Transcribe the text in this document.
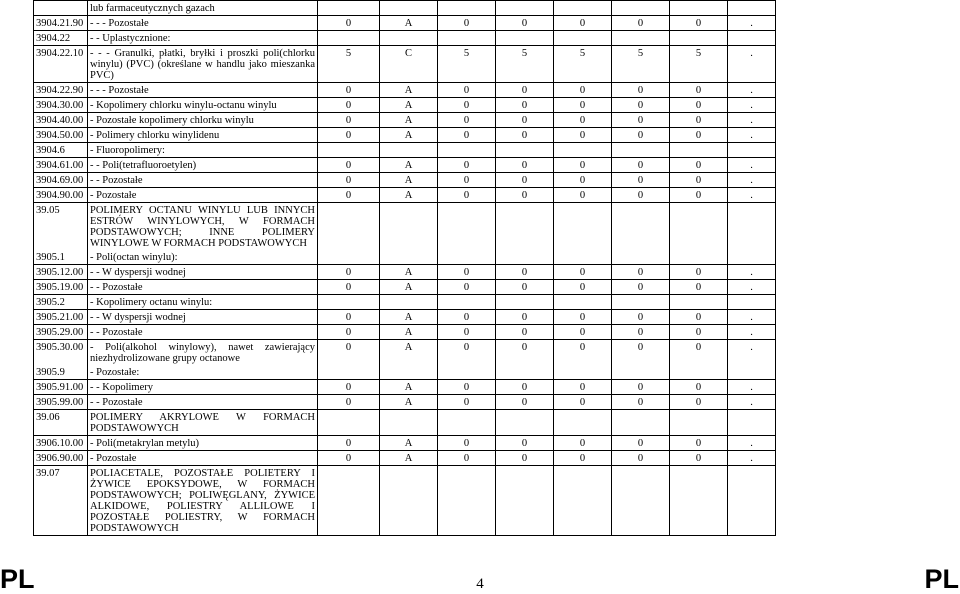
	lub farmaceutycznych gazach								
3904.21.90	- - - Pozostałe	0	A	0	0	0	0	0	.
3904.22	- - Uplastycznione:								
3904.22.10	- - - Granulki, płatki, bryłki i proszki poli(chlorku winylu) (PVC) (określane w handlu jako mieszanka PVC)	5	C	5	5	5	5	5	.
3904.22.90	- - - Pozostałe	0	A	0	0	0	0	0	.
3904.30.00	- Kopolimery chlorku winylu-octanu winylu	0	A	0	0	0	0	0	.
3904.40.00	- Pozostałe kopolimery chlorku winylu	0	A	0	0	0	0	0	.
3904.50.00	- Polimery chlorku winylidenu	0	A	0	0	0	0	0	.
3904.6	- Fluoropolimery:								
3904.61.00	- - Poli(tetrafluoroetylen)	0	A	0	0	0	0	0	.
3904.69.00	- - Pozostałe	0	A	0	0	0	0	0	.
3904.90.00	- Pozostałe	0	A	0	0	0	0	0	.
39.05	POLIMERY OCTANU WINYLU LUB INNYCH ESTRÓW WINYLOWYCH, W FORMACH PODSTAWOWYCH; INNE POLIMERY WINYLOWE W FORMACH PODSTAWOWYCH								
3905.1	- Poli(octan winylu):								
3905.12.00	- - W dyspersji wodnej	0	A	0	0	0	0	0	.
3905.19.00	- - Pozostałe	0	A	0	0	0	0	0	.
3905.2	- Kopolimery octanu winylu:								
3905.21.00	- - W dyspersji wodnej	0	A	0	0	0	0	0	.
3905.29.00	- - Pozostałe	0	A	0	0	0	0	0	.
3905.30.00	- Poli(alkohol winylowy), nawet zawierający niezhydrolizowane grupy octanowe	0	A	0	0	0	0	0	.
3905.9	- Pozostałe:								
3905.91.00	- - Kopolimery	0	A	0	0	0	0	0	.
3905.99.00	- - Pozostałe	0	A	0	0	0	0	0	.
39.06	POLIMERY AKRYLOWE W FORMACH PODSTAWOWYCH								
3906.10.00	- Poli(metakrylan metylu)	0	A	0	0	0	0	0	.
3906.90.00	- Pozostałe	0	A	0	0	0	0	0	.
39.07	POLIACETALE, POZOSTAŁE POLIETERY I ŻYWICE EPOKSYDOWE, W FORMACH PODSTAWOWYCH; POLIWĘGLANY, ŻYWICE ALKIDOWE, POLIESTRY ALLILOWE I POZOSTAŁE POLIESTRY, W FORMACH PODSTAWOWYCH								
PL	4	PL
